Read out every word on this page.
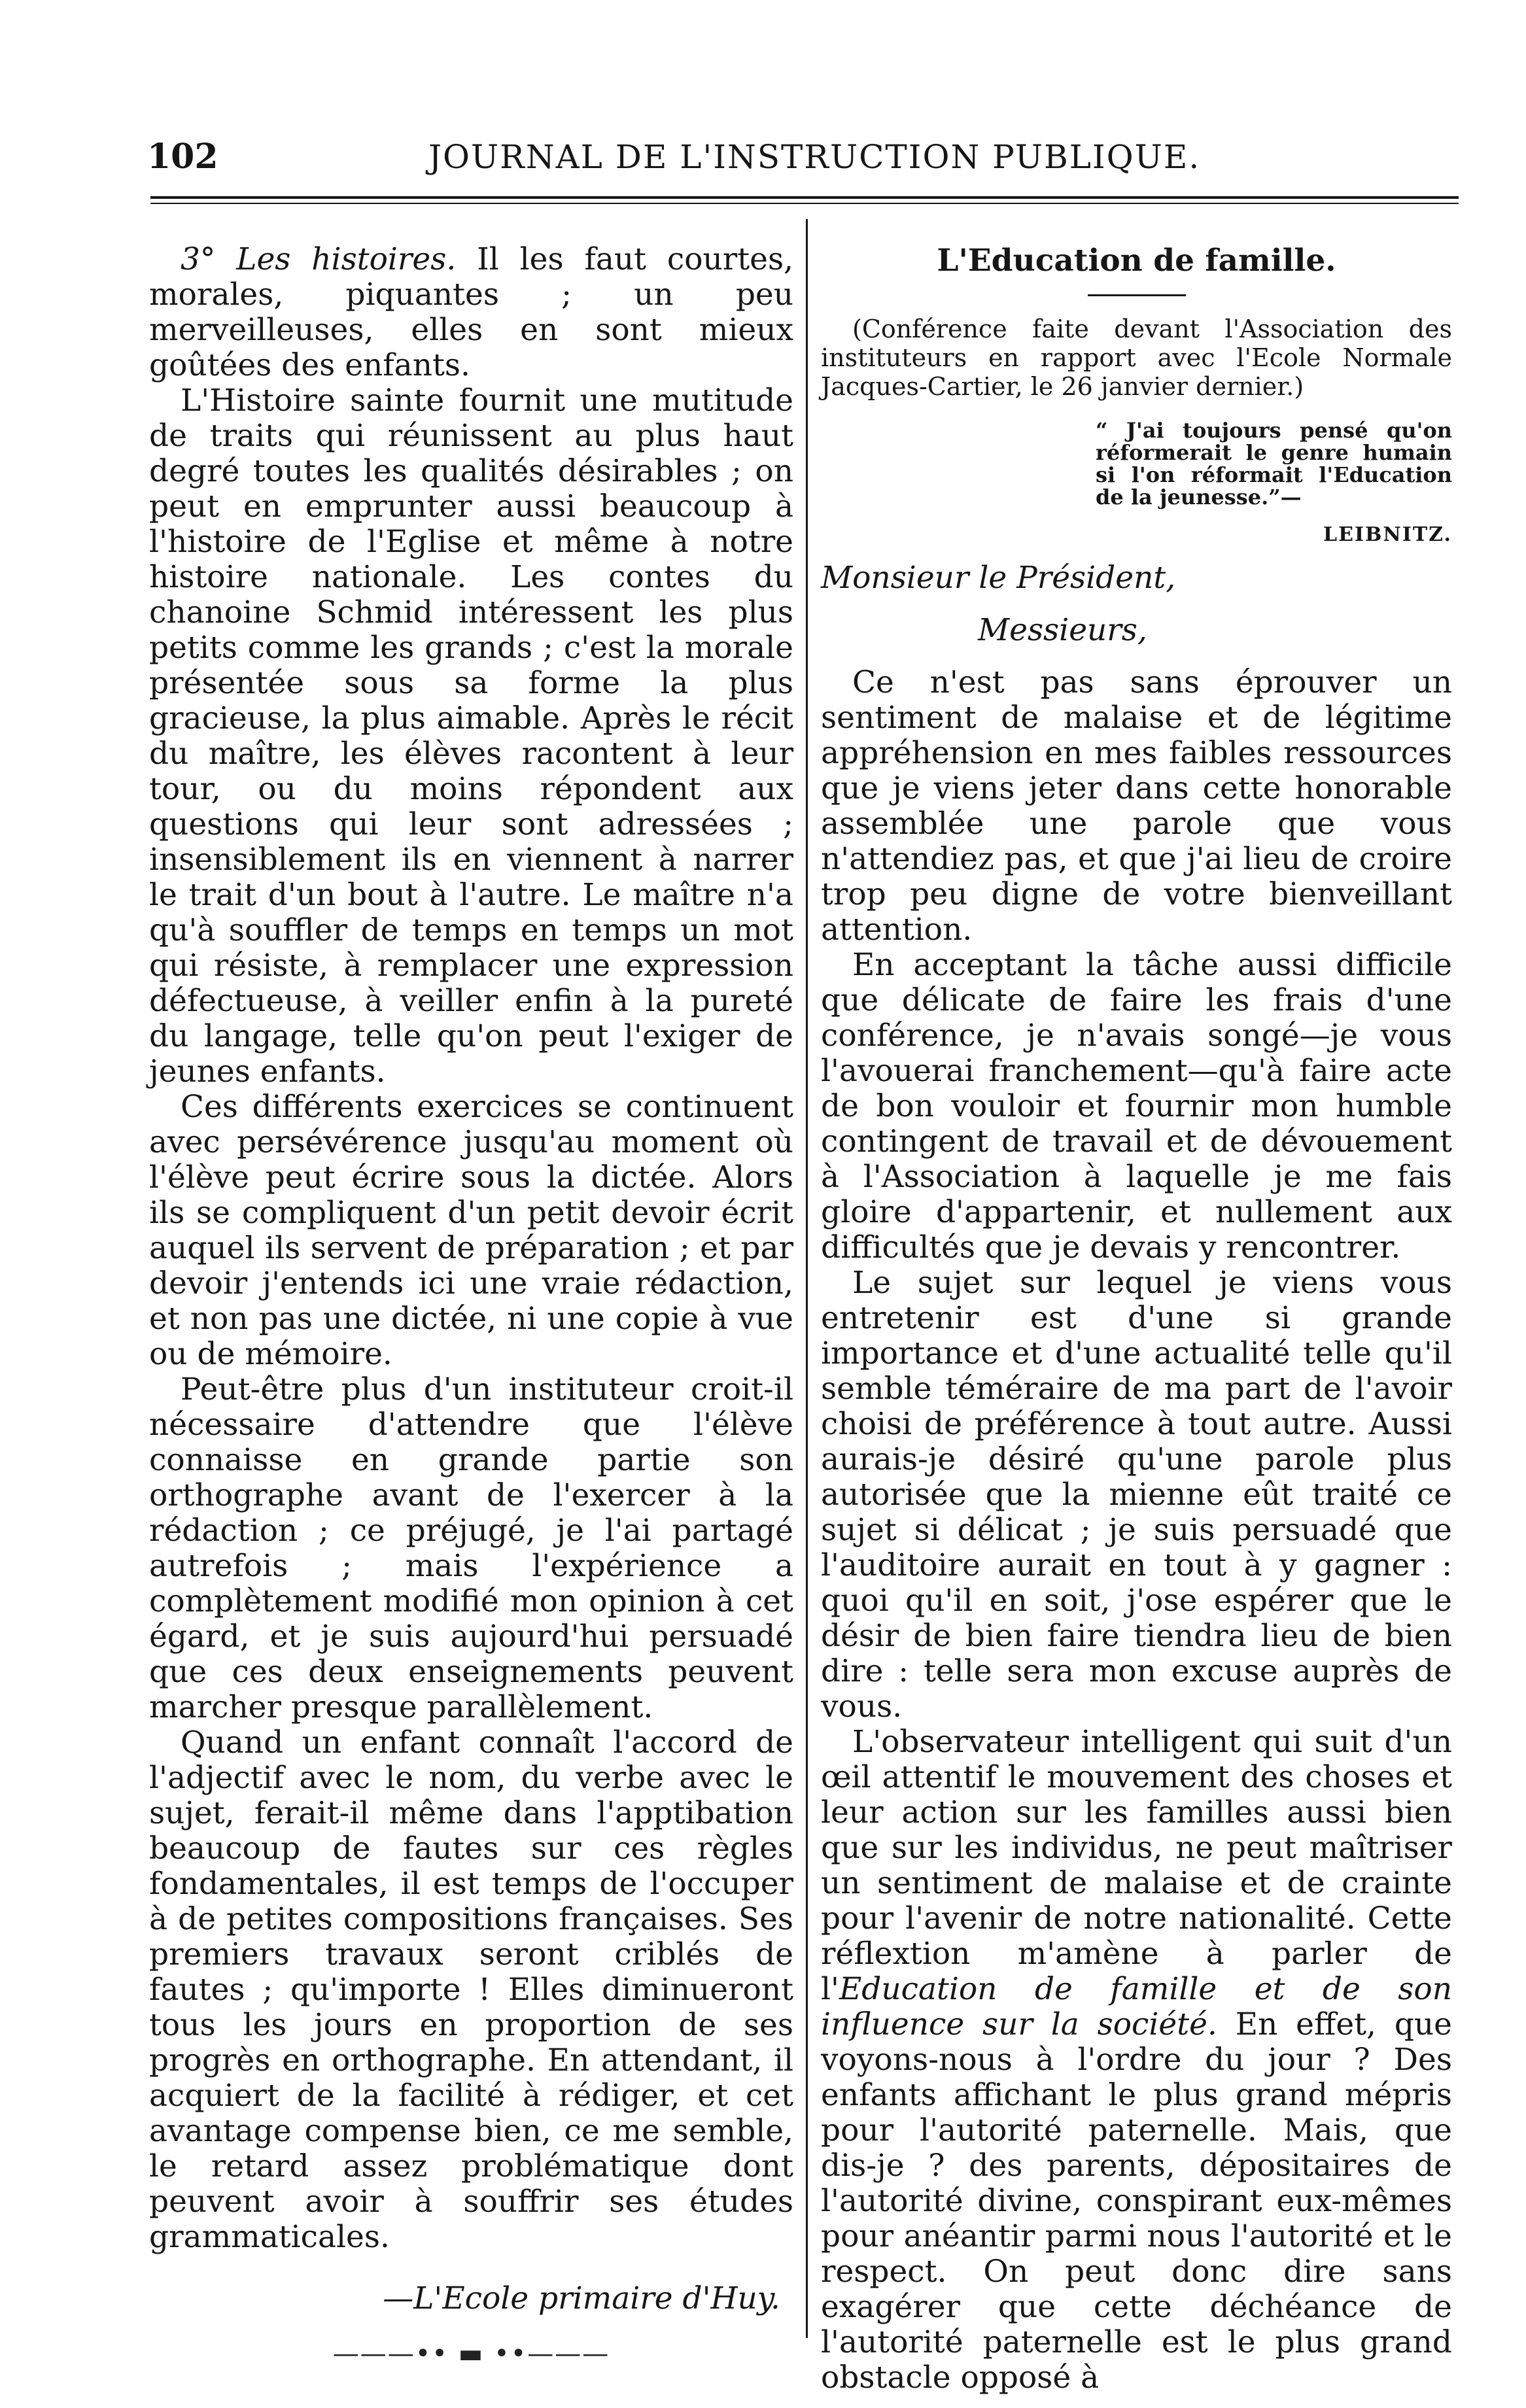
102	JOURNAL DE L'INSTRUCTION PUBLIQUE.

3° Les histoires. Il les faut courtes, morales, piquantes ; un peu merveilleuses, elles en sont mieux goûtées des enfants.

L'Histoire sainte fournit une mutitude de traits qui réunissent au plus haut degré toutes les qualités désirables ; on peut en emprunter aussi beaucoup à l'histoire de l'Eglise et même à notre histoire nationale. Les contes du chanoine Schmid intéressent les plus petits comme les grands ; c'est la morale présentée sous sa forme la plus gracieuse, la plus aimable. Après le récit du maître, les élèves racontent à leur tour, ou du moins répondent aux questions qui leur sont adressées ; insensiblement ils en viennent à narrer le trait d'un bout à l'autre. Le maître n'a qu'à souffler de temps en temps un mot qui résiste, à remplacer une expression défectueuse, à veiller enfin à la pureté du langage, telle qu'on peut l'exiger de jeunes enfants.

Ces différents exercices se continuent avec persévérence jusqu'au moment où l'élève peut écrire sous la dictée. Alors ils se compliquent d'un petit devoir écrit auquel ils servent de préparation ; et par devoir j'entends ici une vraie rédaction, et non pas une dictée, ni une copie à vue ou de mémoire.

Peut-être plus d'un instituteur croit-il nécessaire d'attendre que l'élève connaisse en grande partie son orthographe avant de l'exercer à la rédaction ; ce préjugé, je l'ai partagé autrefois ; mais l'expérience a complètement modifié mon opinion à cet égard, et je suis aujourd'hui persuadé que ces deux enseignements peuvent marcher presque parallèlement.

Quand un enfant connaît l'accord de l'adjectif avec le nom, du verbe avec le sujet, ferait-il même dans l'apptibation beaucoup de fautes sur ces règles fondamentales, il est temps de l'occuper à de petites compositions françaises. Ses premiers travaux seront criblés de fautes ; qu'importe ! Elles diminueront tous les jours en proportion de ses progrès en orthographe. En attendant, il acquiert de la facilité à rédiger, et cet avantage compense bien, ce me semble, le retard assez problématique dont peuvent avoir à souffrir ses études grammaticales.

—L'Ecole primaire d'Huy.

———•• ▬ ••———
L'Education de famille.

(Conférence faite devant l'Association des instituteurs en rapport avec l'Ecole Normale Jacques-Cartier, le 26 janvier dernier.)

“ J'ai toujours pensé qu'on réformerait le genre humain si l'on réformait l'Education de la jeunesse.”—
LEIBNITZ.

Monsieur le Président,

Messieurs,

Ce n'est pas sans éprouver un sentiment de malaise et de légitime appréhension en mes faibles ressources que je viens jeter dans cette honorable assemblée une parole que vous n'attendiez pas, et que j'ai lieu de croire trop peu digne de votre bienveillant attention.

En acceptant la tâche aussi difficile que délicate de faire les frais d'une conférence, je n'avais songé—je vous l'avouerai franchement—qu'à faire acte de bon vouloir et fournir mon humble contingent de travail et de dévouement à l'Association à laquelle je me fais gloire d'appartenir, et nullement aux difficultés que je devais y rencontrer.

Le sujet sur lequel je viens vous entretenir est d'une si grande importance et d'une actualité telle qu'il semble téméraire de ma part de l'avoir choisi de préférence à tout autre. Aussi aurais-je désiré qu'une parole plus autorisée que la mienne eût traité ce sujet si délicat ; je suis persuadé que l'auditoire aurait en tout à y gagner : quoi qu'il en soit, j'ose espérer que le désir de bien faire tiendra lieu de bien dire : telle sera mon excuse auprès de vous.

L'observateur intelligent qui suit d'un œil attentif le mouvement des choses et leur action sur les familles aussi bien que sur les individus, ne peut maîtriser un sentiment de malaise et de crainte pour l'avenir de notre nationalité. Cette réflextion m'amène à parler de l'Education de famille et de son influence sur la société. En effet, que voyons-nous à l'ordre du jour ? Des enfants affichant le plus grand mépris pour l'autorité paternelle. Mais, que dis-je ? des parents, dépositaires de l'autorité divine, conspirant eux-mêmes pour anéantir parmi nous l'autorité et le respect. On peut donc dire sans exagérer que cette déchéance de l'autorité paternelle est le plus grand obstacle opposé à
